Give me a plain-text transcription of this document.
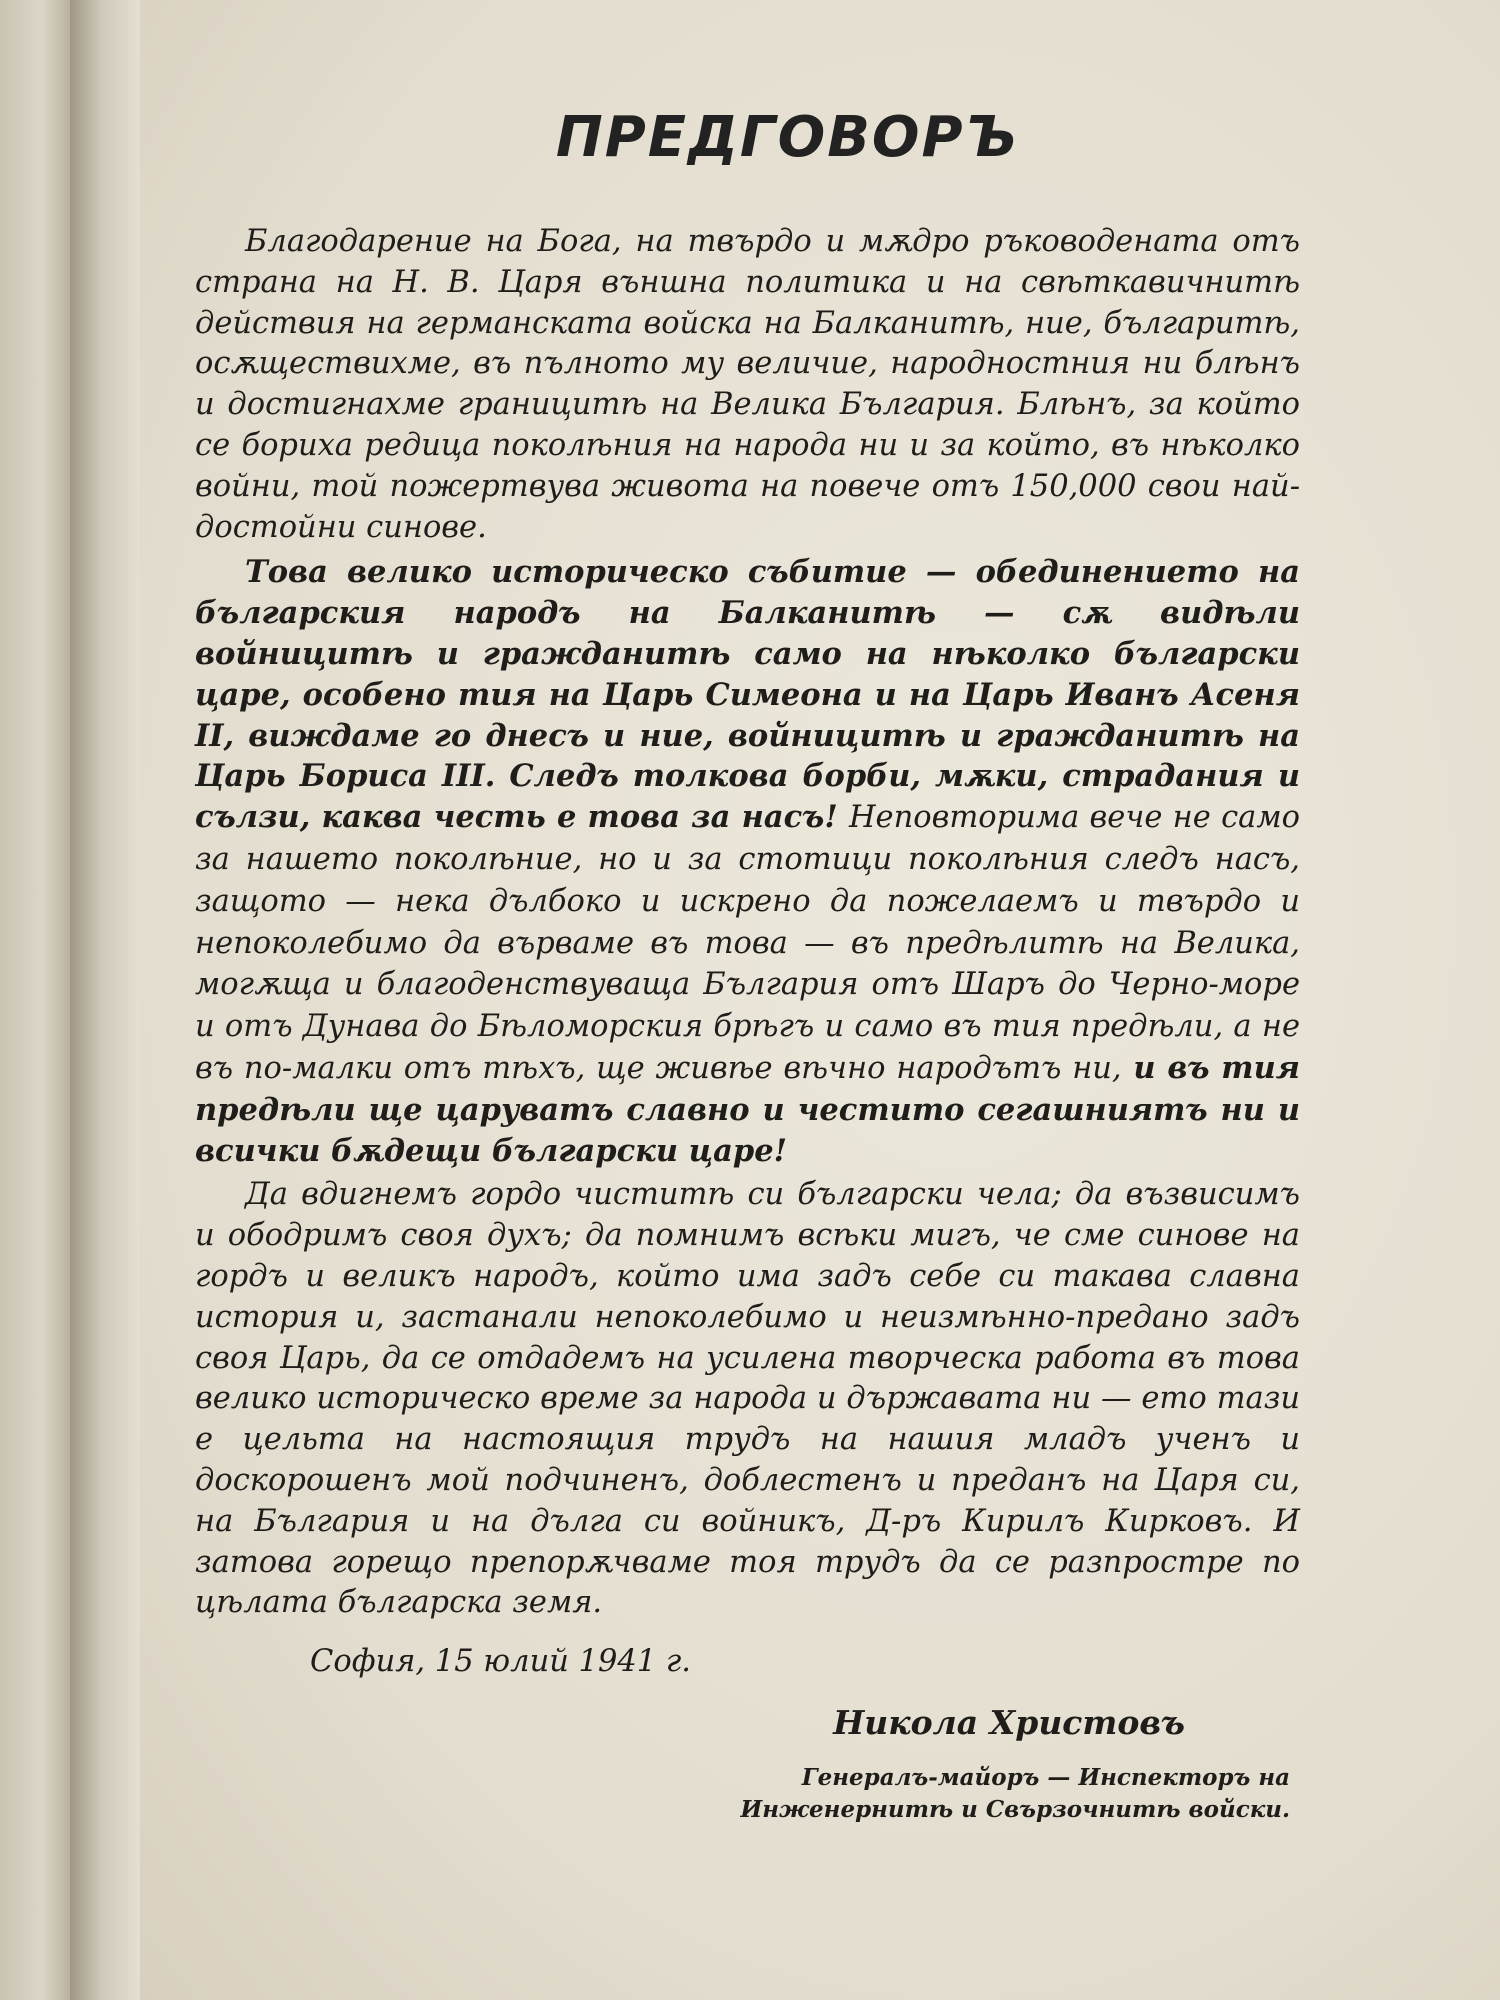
ПРЕДГОВОРЪ

Благодарение на Бога, на твърдо и мѫдро ръководената отъ страна на Н. В. Царя външна политика и на свѣткавичнитѣ действия на германската войска на Балканитѣ, ние, българитѣ, осѫществихме, въ пълното му величие, народностния ни блѣнъ и достигнахме границитѣ на Велика България. Блѣнъ, за който се бориха редица поколѣния на народа ни и за който, въ нѣколко войни, той пожертвува живота на повече отъ 150,000 свои най-достойни синове.

Това велико историческо събитие — обединението на българския народъ на Балканитѣ — сѫ видѣли войницитѣ и гражданитѣ само на нѣколко български царе, особено тия на Царь Симеона и на Царь Иванъ Асеня II, виждаме го днесъ и ние, войницитѣ и гражданитѣ на Царь Бориса III. Следъ толкова борби, мѫки, страдания и сълзи, каква честь е това за насъ! Неповторима вече не само за нашето поколѣние, но и за стотици поколѣния следъ насъ, защото — нека дълбоко и искрено да пожелаемъ и твърдо и непоколебимо да вървамe въ това — въ предѣлитѣ на Велика, могѫща и благоденствуваща България отъ Шаръ до Черно-море и отъ Дунава до Бѣломорския брѣгъ и само въ тия предѣли, а не въ по-малки отъ тѣхъ, ще живѣе вѣчно народътъ ни, и въ тия предѣли ще царуватъ славно и честито сегашниятъ ни и всички бѫдещи български царе!

Да вдигнемъ гордо чиститѣ си български чела; да възвисимъ и ободримъ своя духъ; да помнимъ всѣки мигъ, че сме синове на гордъ и великъ народъ, който има задъ себе си такава славна история и, застанали непоколебимо и неизмѣнно-предано задъ своя Царь, да се отдадемъ на усилена творческа работа въ това велико историческо време за народа и държавата ни — ето тази е цельта на настоящия трудъ на нашия младъ ученъ и доскорошенъ мой подчиненъ, доблестенъ и преданъ на Царя си, на България и на дълга си войникъ, Д-ръ Кирилъ Кирковъ. И затова горещо препорѫчваме тоя трудъ да се разпростре по цѣлата българска земя.

София, 15 юлий 1941 г.
Никола Христовъ
Генералъ-майоръ — Инспекторъ на
Инженернитѣ и Свързочнитѣ войски.
